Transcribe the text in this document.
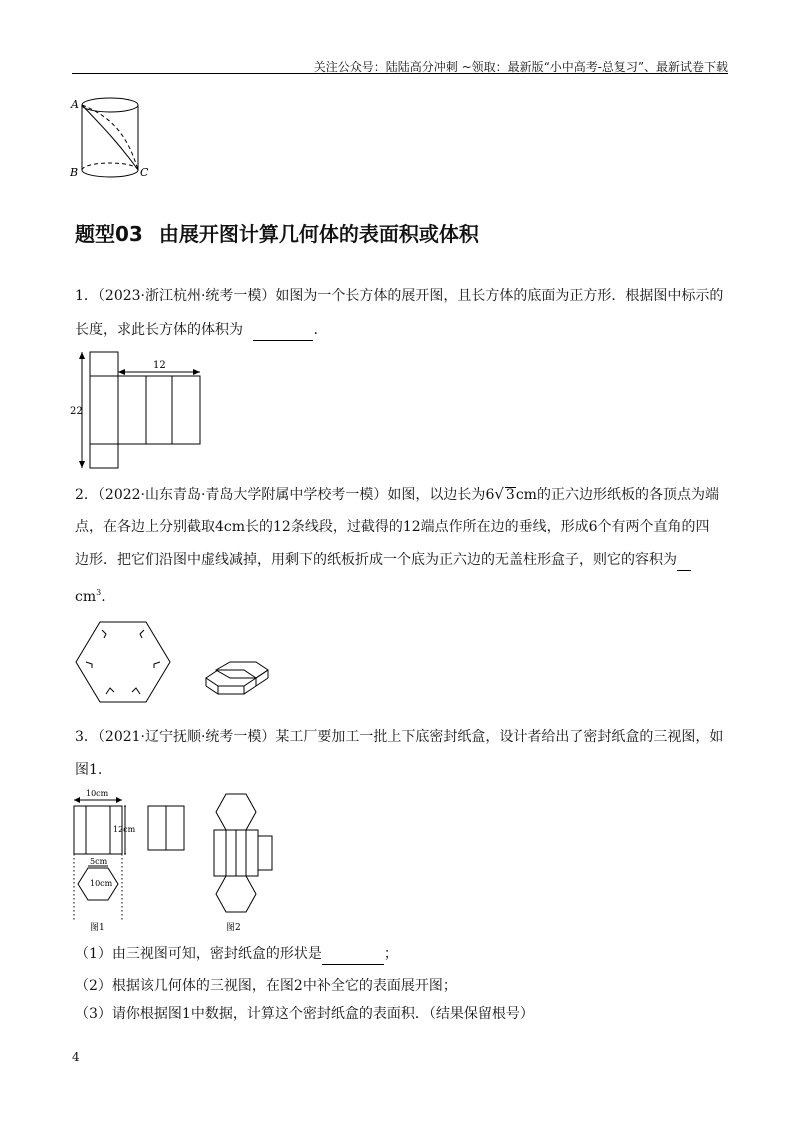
关注公众号：陆陆高分冲刺 ~领取：最新版“小中高考-总复习”、最新试卷下载
A
B	C
题型03 由展开图计算几何体的表面积或体积
1．（2023·浙江杭州·统考一模）如图为一个长方体的展开图，且长方体的底面为正方形．根据图中标示的
长度，求此长方体的体积为	.
22
12
2．（2022·山东青岛·青岛大学附属中学校考一模）如图，以边长为6√ 3cm的正六边形纸板的各顶点为端
点，在各边上分别截取4cm长的12条线段，过截得的12端点作所在边的垂线，形成6个有两个直角的四
边形．把它们沿图中虚线减掉，用剩下的纸板折成一个底为正六边的无盖柱形盒子，则它的容积为
$cm^3$.
3．（2021·辽宁抚顺·统考一模）某工厂要加工一批上下底密封纸盒，设计者给出了密封纸盒的三视图，如
图1.
10cm
12cm
5cm
10cm
图1	图2
（1）由三视图可知，密封纸盒的形状是	；
（2）根据该几何体的三视图，在图2中补全它的表面展开图；
（3）请你根据图1中数据，计算这个密封纸盒的表面积．（结果保留根号）
4
